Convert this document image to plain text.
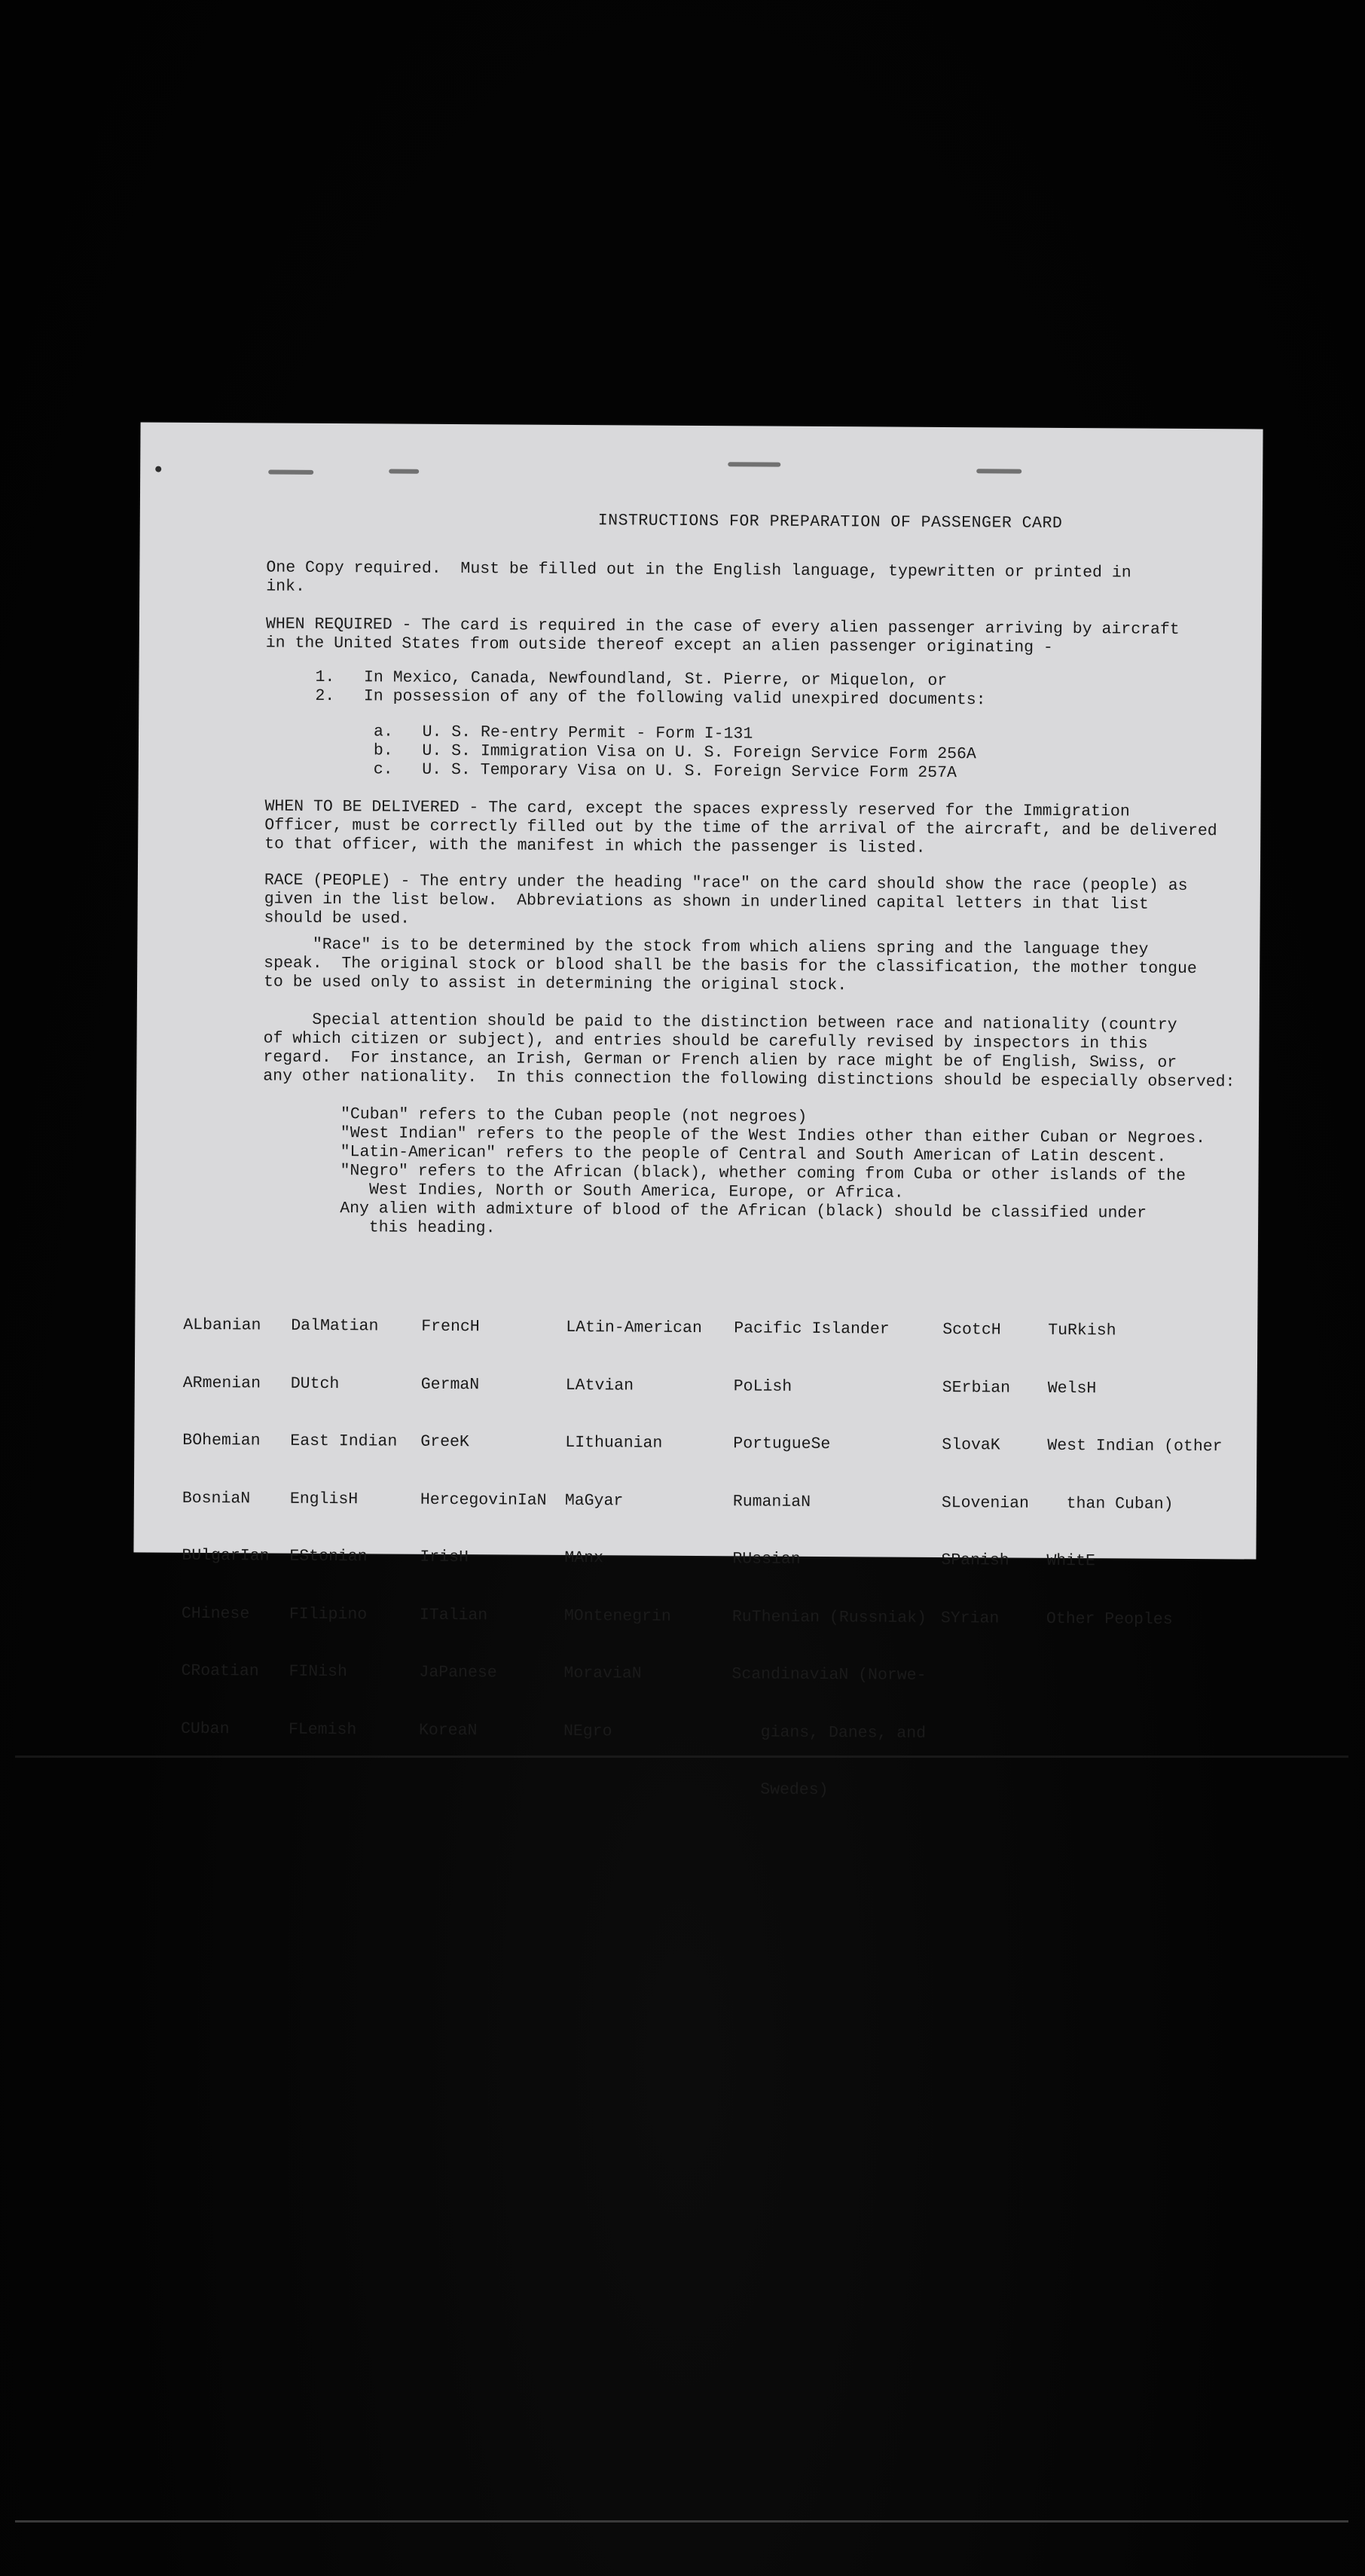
INSTRUCTIONS FOR PREPARATION OF PASSENGER CARD
One Copy required.  Must be filled out in the English language, typewritten or printed in
ink.
WHEN REQUIRED - The card is required in the case of every alien passenger arriving by aircraft
in the United States from outside thereof except an alien passenger originating -
1.   In Mexico, Canada, Newfoundland, St. Pierre, or Miquelon, or
2.   In possession of any of the following valid unexpired documents:
a.   U. S. Re-entry Permit - Form I-131
b.   U. S. Immigration Visa on U. S. Foreign Service Form 256A
c.   U. S. Temporary Visa on U. S. Foreign Service Form 257A
WHEN TO BE DELIVERED - The card, except the spaces expressly reserved for the Immigration
Officer, must be correctly filled out by the time of the arrival of the aircraft, and be delivered
to that officer, with the manifest in which the passenger is listed.
RACE (PEOPLE) - The entry under the heading "race" on the card should show the race (people) as
given in the list below.  Abbreviations as shown in underlined capital letters in that list
should be used.
"Race" is to be determined by the stock from which aliens spring and the language they
speak.  The original stock or blood shall be the basis for the classification, the mother tongue
to be used only to assist in determining the original stock.
Special attention should be paid to the distinction between race and nationality (country
of which citizen or subject), and entries should be carefully revised by inspectors in this
regard.  For instance, an Irish, German or French alien by race might be of English, Swiss, or
any other nationality.  In this connection the following distinctions should be especially observed:
"Cuban" refers to the Cuban people (not negroes)
"West Indian" refers to the people of the West Indies other than either Cuban or Negroes.
"Latin-American" refers to the people of Central and South American of Latin descent.
"Negro" refers to the African (black), whether coming from Cuba or other islands of the
West Indies, North or South America, Europe, or Africa.
Any alien with admixture of blood of the African (black) should be classified under
this heading.

ALbanian

ARmenian

BOhemian

BosniaN

BUlgarIan

CHinese

CRoatian

CUban

DalMatian

DUtch

East Indian

EnglisH

EStonian

FIlipino

FINish

FLemish

FrencH

GermaN

GreeK

HercegovinIaN

IrisH

ITalian

JaPanese

KoreaN

LAtin-American

LAtvian

LIthuanian

MaGyar

MAnx

MOntenegrin

MoraviaN

NEgro

Pacific Islander

PoLish

PortugueSe

RumaniaN

RUssian

RuThenian (Russniak)

ScandinaviaN (Norwe-

gians, Danes, and

Swedes)

ScotcH

SErbian

SlovaK

SLovenian

SPanish

SYrian

TuRkish

WelsH

West Indian (other

than Cuban)

WhitE

Other Peoples
